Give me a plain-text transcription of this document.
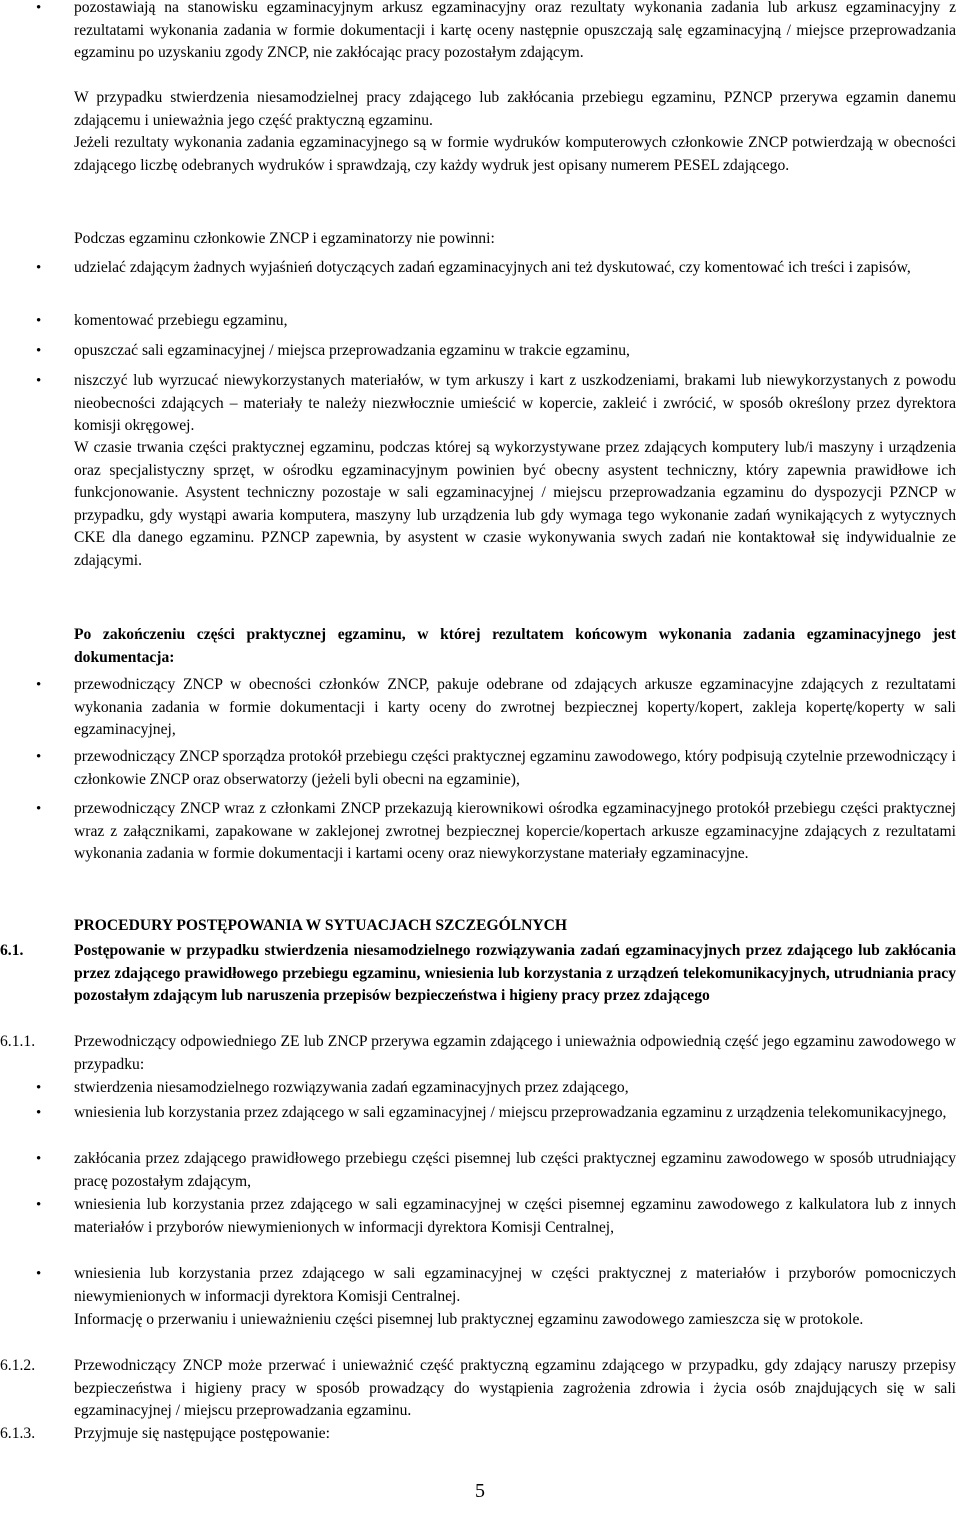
5
• pozostawiają na stanowisku egzaminacyjnym arkusz egzaminacyjny oraz rezultaty wykonania zadania lub arkusz egzaminacyjny z rezultatami wykonania zadania w formie dokumentacji i kartę oceny następnie opuszczają salę egzaminacyjną / miejsce przeprowadzania egzaminu po uzyskaniu zgody ZNCP, nie zakłócając pracy pozostałym zdającym.

W przypadku stwierdzenia niesamodzielnej pracy zdającego lub zakłócania przebiegu egzaminu, PZNCP przerywa egzamin danemu zdającemu i unieważnia jego część praktyczną egzaminu.

Jeżeli rezultaty wykonania zadania egzaminacyjnego są w formie wydruków komputerowych członkowie ZNCP potwierdzają w obecności zdającego liczbę odebranych wydruków i sprawdzają, czy każdy wydruk jest opisany numerem PESEL zdającego.

Podczas egzaminu członkowie ZNCP i egzaminatorzy nie powinni:

• udzielać zdającym żadnych wyjaśnień dotyczących zadań egzaminacyjnych ani też dyskutować, czy komentować ich treści i zapisów,

• komentować przebiegu egzaminu,

• opuszczać sali egzaminacyjnej / miejsca przeprowadzania egzaminu w trakcie egzaminu,

• niszczyć lub wyrzucać niewykorzystanych materiałów, w tym arkuszy i kart z uszkodzeniami, brakami lub niewykorzystanych z powodu nieobecności zdających – materiały te należy niezwłocznie umieścić w kopercie, zakleić i zwrócić, w sposób określony przez dyrektora komisji okręgowej.

W czasie trwania części praktycznej egzaminu, podczas której są wykorzystywane przez zdających komputery lub/i maszyny i urządzenia oraz specjalistyczny sprzęt, w ośrodku egzaminacyjnym powinien być obecny asystent techniczny, który zapewnia prawidłowe ich funkcjonowanie. Asystent techniczny pozostaje w sali egzaminacyjnej / miejscu przeprowadzania egzaminu do dyspozycji PZNCP w przypadku, gdy wystąpi awaria komputera, maszyny lub urządzenia lub gdy wymaga tego wykonanie zadań wynikających z wytycznych CKE dla danego egzaminu. PZNCP zapewnia, by asystent w czasie wykonywania swych zadań nie kontaktował się indywidualnie ze zdającymi.

Po zakończeniu części praktycznej egzaminu, w której rezultatem końcowym wykonania zadania egzaminacyjnego jest dokumentacja:

• przewodniczący ZNCP w obecności członków ZNCP, pakuje odebrane od zdających arkusze egzaminacyjne zdających z rezultatami wykonania zadania w formie dokumentacji i karty oceny do zwrotnej bezpiecznej koperty/kopert, zakleja kopertę/koperty w sali egzaminacyjnej,

• przewodniczący ZNCP sporządza protokół przebiegu części praktycznej egzaminu zawodowego, który podpisują czytelnie przewodniczący i członkowie ZNCP oraz obserwatorzy (jeżeli byli obecni na egzaminie),

• przewodniczący ZNCP wraz z członkami ZNCP przekazują kierownikowi ośrodka egzaminacyjnego protokół przebiegu części praktycznej wraz z załącznikami, zapakowane w zaklejonej zwrotnej bezpiecznej kopercie/kopertach arkusze egzaminacyjne zdających z rezultatami wykonania zadania w formie dokumentacji i kartami oceny oraz niewykorzystane materiały egzaminacyjne.

PROCEDURY POSTĘPOWANIA W SYTUACJACH SZCZEGÓLNYCH

6.1.	Postępowanie w przypadku stwierdzenia niesamodzielnego rozwiązywania zadań egzaminacyjnych przez zdającego lub zakłócania przez zdającego prawidłowego przebiegu egzaminu, wniesienia lub korzystania z urządzeń telekomunikacyjnych, utrudniania pracy pozostałym zdającym lub naruszenia przepisów bezpieczeństwa i higieny pracy przez zdającego

6.1.1. Przewodniczący odpowiedniego ZE lub ZNCP przerywa egzamin zdającego i unieważnia odpowiednią część jego egzaminu zawodowego w przypadku:

• stwierdzenia niesamodzielnego rozwiązywania zadań egzaminacyjnych przez zdającego,

• wniesienia lub korzystania przez zdającego w sali egzaminacyjnej / miejscu przeprowadzania egzaminu z urządzenia telekomunikacyjnego,

• zakłócania przez zdającego prawidłowego przebiegu części pisemnej lub części praktycznej egzaminu zawodowego w sposób utrudniający pracę pozostałym zdającym,

• wniesienia lub korzystania przez zdającego w sali egzaminacyjnej w części pisemnej egzaminu zawodowego z kalkulatora lub z innych materiałów i przyborów niewymienionych w informacji dyrektora Komisji Centralnej,

• wniesienia lub korzystania przez zdającego w sali egzaminacyjnej w części praktycznej z materiałów i przyborów pomocniczych niewymienionych w informacji dyrektora Komisji Centralnej.

Informację o przerwaniu i unieważnieniu części pisemnej lub praktycznej egzaminu zawodowego zamieszcza się w protokole.

6.1.2. Przewodniczący ZNCP może przerwać i unieważnić część praktyczną egzaminu zdającego w przypadku, gdy zdający naruszy przepisy bezpieczeństwa i higieny pracy w sposób prowadzący do wystąpienia zagrożenia zdrowia i życia osób znajdujących się w sali egzaminacyjnej / miejscu przeprowadzania egzaminu.

6.1.3. Przyjmuje się następujące postępowanie:
